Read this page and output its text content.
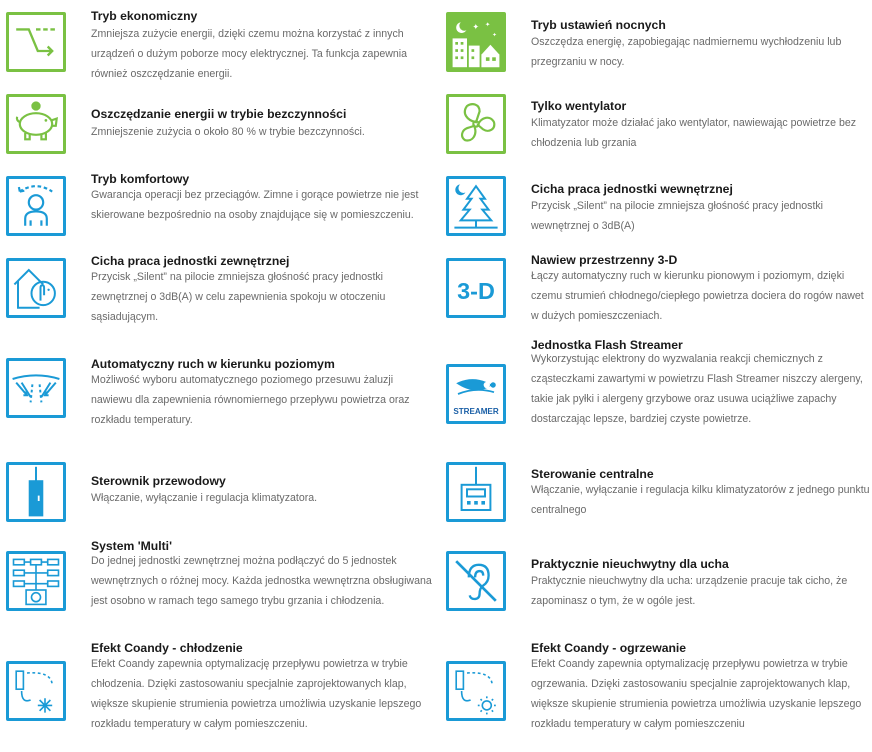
Tryb ekonomiczny
Zmniejsza zużycie energii, dzięki czemu można korzystać z innych urządzeń o dużym poborze mocy elektrycznej. Ta funkcja zapewnia również oszczędzanie energii.
✦ ✦
✦
Tryb ustawień nocnych
Oszczędza energię, zapobiegając nadmiernemu wychłodzeniu lub przegrzaniu w nocy.
Oszczędzanie energii w trybie bezczynności
Zmniejszenie zużycia o około 80 % w trybie bezczynności.
Tylko wentylator
Klimatyzator może działać jako wentylator, nawiewając powietrze bez chłodzenia lub grzania
Tryb komfortowy
Gwarancja operacji bez przeciągów. Zimne i gorące powietrze nie jest skierowane bezpośrednio na osoby znajdujące się w pomieszczeniu.
Cicha praca jednostki wewnętrznej
Przycisk „Silent” na pilocie zmniejsza głośność pracy jednostki wewnętrznej o 3dB(A)
Cicha praca jednostki zewnętrznej
Przycisk „Silent” na pilocie zmniejsza głośność pracy jednostki zewnętrznej o 3dB(A) w celu zapewnienia spokoju w otoczeniu sąsiadującym.
3-D
Nawiew przestrzenny 3-D
Łączy automatyczny ruch w kierunku pionowym i poziomym, dzięki czemu strumień chłodnego/ciepłego powietrza dociera do rogów nawet w dużych pomieszczeniach.
Automatyczny ruch w kierunku poziomym
Możliwość wyboru automatycznego poziomego przesuwu żaluzji nawiewu dla zapewnienia równomiernego przepływu powietrza oraz rozkładu temperatury.
STREAMER
Jednostka Flash Streamer
Wykorzystując elektrony do wyzwalania reakcji chemicznych z cząsteczkami zawartymi w powietrzu Flash Streamer niszczy alergeny, takie jak pyłki i alergeny grzybowe oraz usuwa uciążliwe zapachy dostarczając lepsze, bardziej czyste powietrze.
Sterownik przewodowy
Włączanie, wyłączanie i regulacja klimatyzatora.
Sterowanie centralne
Włączanie, wyłączanie i regulacja kilku klimatyzatorów z jednego punktu centralnego
System 'Multi'
Do jednej jednostki zewnętrznej można podłączyć do 5 jednostek wewnętrznych o różnej mocy. Każda jednostka wewnętrzna obsługiwana jest osobno w ramach tego samego trybu grzania i chłodzenia.
Praktycznie nieuchwytny dla ucha
Praktycznie nieuchwytny dla ucha: urządzenie pracuje tak cicho, że zapominasz o tym, że w ogóle jest.
Efekt Coandy - chłodzenie
Efekt Coandy zapewnia optymalizację przepływu powietrza w trybie chłodzenia. Dzięki zastosowaniu specjalnie zaprojektowanych klap, większe skupienie strumienia powietrza umożliwia uzyskanie lepszego rozkładu temperatury w całym pomieszczeniu.
Efekt Coandy - ogrzewanie
Efekt Coandy zapewnia optymalizację przepływu powietrza w trybie ogrzewania. Dzięki zastosowaniu specjalnie zaprojektowanych klap, większe skupienie strumienia powietrza umożliwia uzyskanie lepszego rozkładu temperatury w całym pomieszczeniu
